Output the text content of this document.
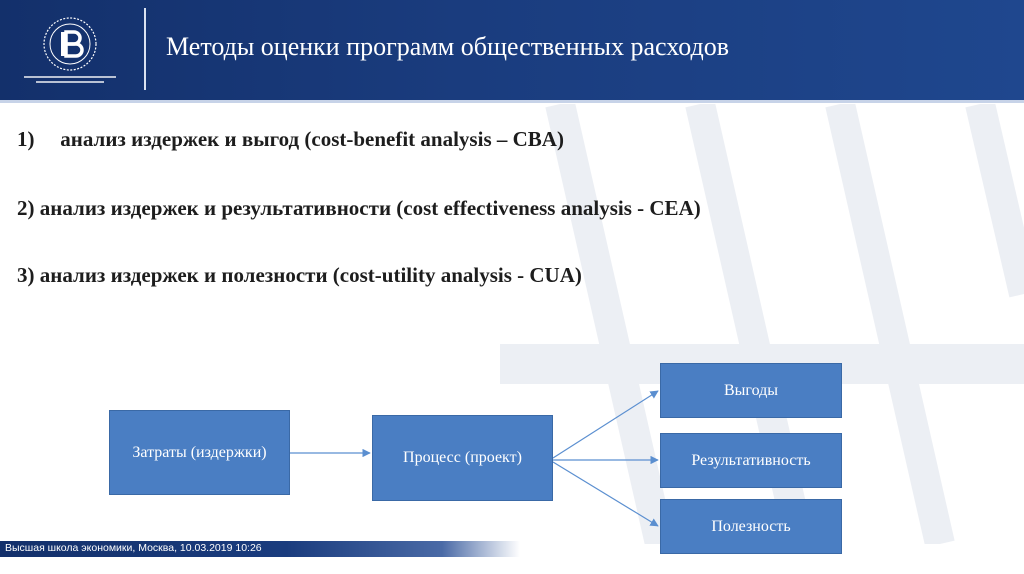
Методы оценки программ общественных расходов

1) анализ издержек и выгод (cost-benefit analysis – CBA)

2) анализ издержек и результативности (cost effectiveness analysis - CEA)

3) анализ издержек и полезности (cost-utility analysis - CUA)

Затраты (издержки)	Процесс (проект)
Выгоды
Результативность
Полезность
Высшая школа экономики, Москва, 10.03.2019 10:26
